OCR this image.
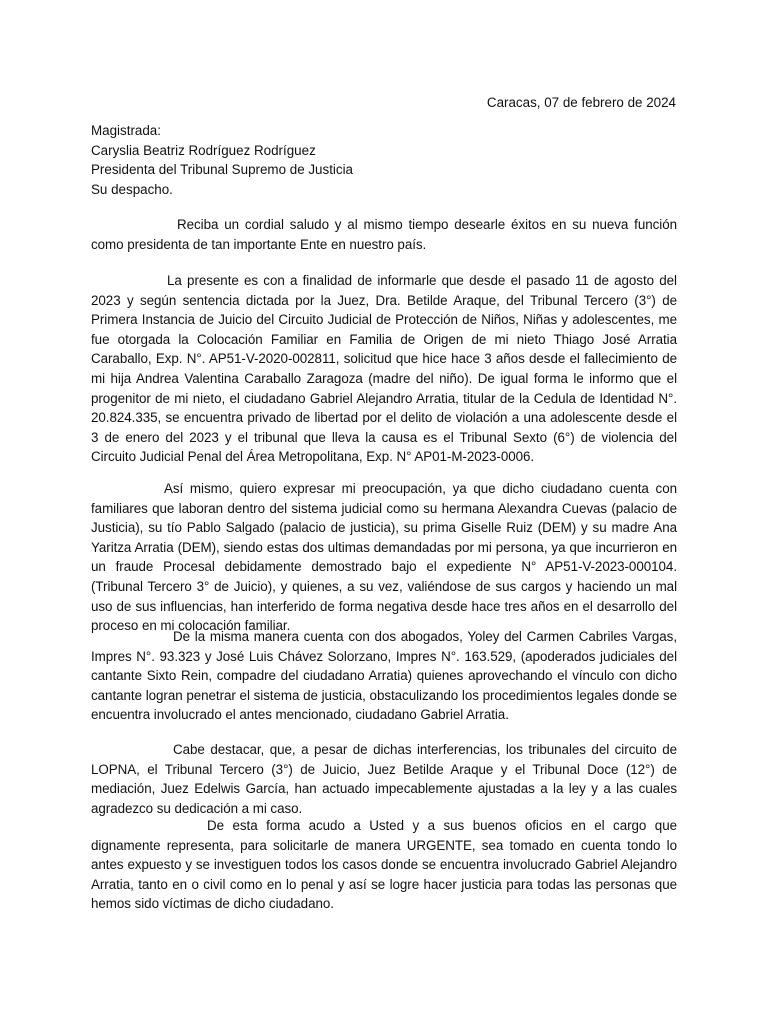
Caracas, 07 de febrero de 2024
Magistrada:
Caryslia Beatriz Rodríguez Rodríguez
Presidenta del Tribunal Supremo de Justicia
Su despacho.

Reciba un cordial saludo y al mismo tiempo desearle éxitos en su nueva función como presidenta de tan importante Ente en nuestro país.

La presente es con a finalidad de informarle que desde el pasado 11 de agosto del 2023 y según sentencia dictada por la Juez, Dra. Betilde Araque, del Tribunal Tercero (3°) de Primera Instancia de Juicio del Circuito Judicial de Protección de Niños, Niñas y adolescentes, me fue otorgada la Colocación Familiar en Familia de Origen de mi nieto Thiago José Arratia Caraballo, Exp. N°. AP51-V-2020-002811, solicitud que hice hace 3 años desde el fallecimiento de mi hija Andrea Valentina Caraballo Zaragoza (madre del niño). De igual forma le informo que el progenitor de mi nieto, el ciudadano Gabriel Alejandro Arratia, titular de la Cedula de Identidad N°. 20.824.335, se encuentra privado de libertad por el delito de violación a una adolescente desde el 3 de enero del 2023 y el tribunal que lleva la causa es el Tribunal Sexto (6°) de violencia del Circuito Judicial Penal del Área Metropolitana, Exp. N° AP01-M-2023-0006.

Así mismo, quiero expresar mi preocupación, ya que dicho ciudadano cuenta con familiares que laboran dentro del sistema judicial como su hermana Alexandra Cuevas (palacio de Justicia), su tío Pablo Salgado (palacio de justicia), su prima Giselle Ruiz (DEM) y su madre Ana Yaritza Arratia (DEM), siendo estas dos ultimas demandadas por mi persona, ya que incurrieron en un fraude Procesal debidamente demostrado bajo el expediente N° AP51-V-2023-000104. (Tribunal Tercero 3° de Juicio), y quienes, a su vez, valiéndose de sus cargos y haciendo un mal uso de sus influencias, han interferido de forma negativa desde hace tres años en el desarrollo del proceso en mi colocación familiar.

De la misma manera cuenta con dos abogados, Yoley del Carmen Cabriles Vargas, Impres N°. 93.323 y José Luis Chávez Solorzano, Impres N°. 163.529, (apoderados judiciales del cantante Sixto Rein, compadre del ciudadano Arratia) quienes aprovechando el vínculo con dicho cantante logran penetrar el sistema de justicia, obstaculizando los procedimientos legales donde se encuentra involucrado el antes mencionado, ciudadano Gabriel Arratia.

Cabe destacar, que, a pesar de dichas interferencias, los tribunales del circuito de LOPNA, el Tribunal Tercero (3°) de Juicio, Juez Betilde Araque y el Tribunal Doce (12°) de mediación, Juez Edelwis García, han actuado impecablemente ajustadas a la ley y a las cuales agradezco su dedicación a mi caso.

De esta forma acudo a Usted y a sus buenos oficios en el cargo que dignamente representa, para solicitarle de manera URGENTE, sea tomado en cuenta tondo lo antes expuesto y se investiguen todos los casos donde se encuentra involucrado Gabriel Alejandro Arratia, tanto en o civil como en lo penal y así se logre hacer justicia para todas las personas que hemos sido víctimas de dicho ciudadano.
